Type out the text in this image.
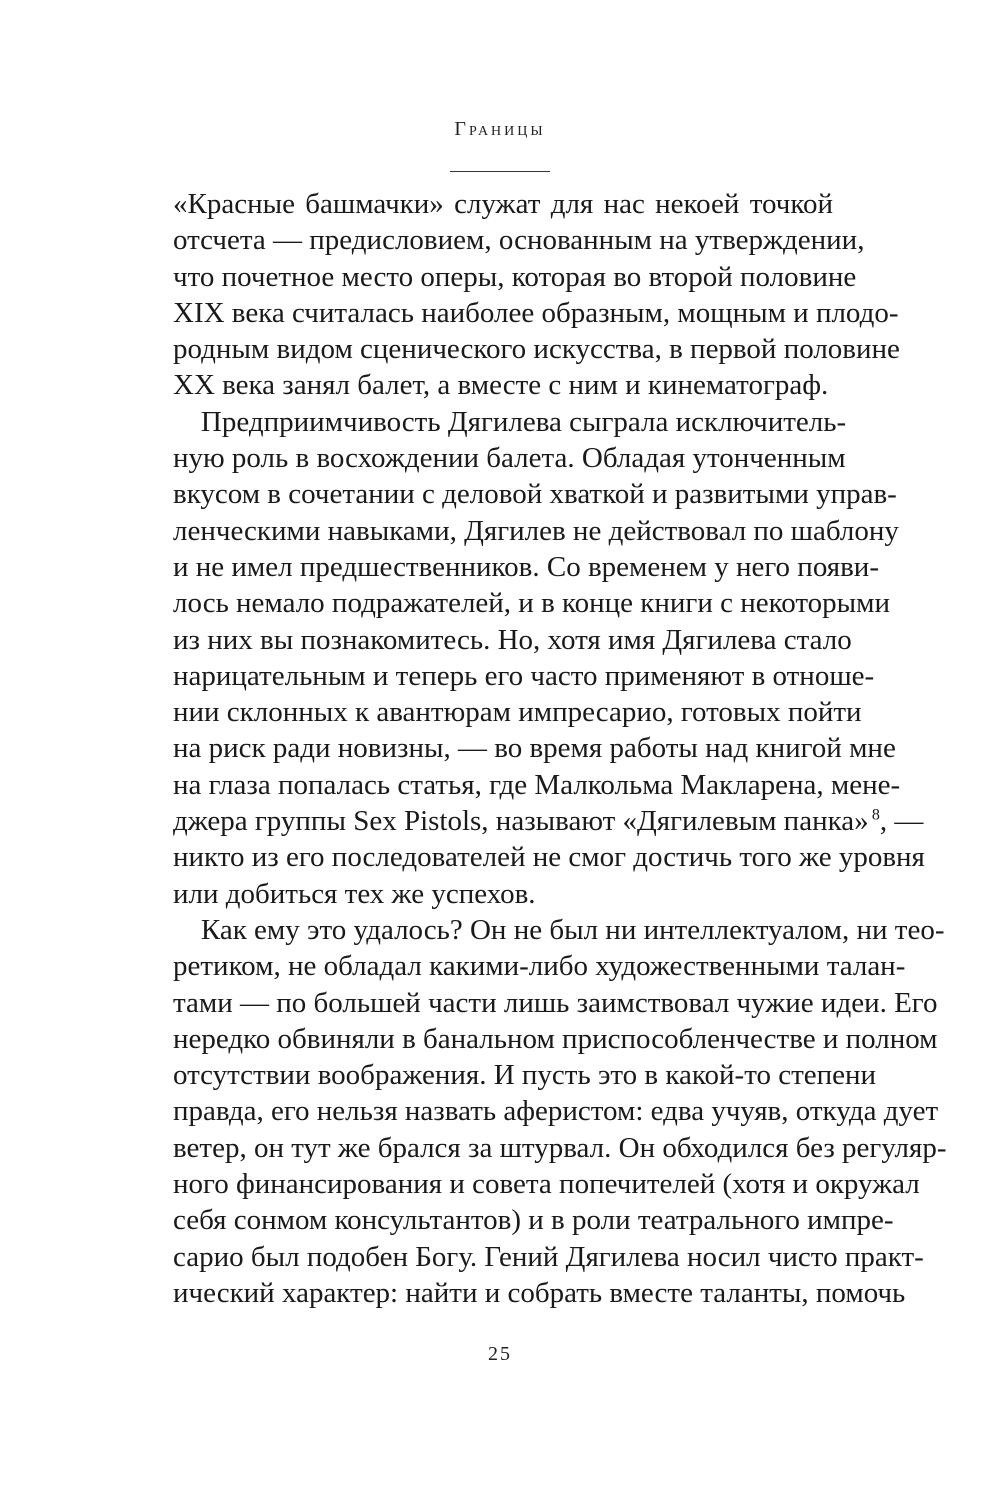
Границы
«Красные башмачки» служат для нас некоей точкой
отсчета — предисловием, основанным на утверждении,
что почетное место оперы, которая во второй половине
XIX века считалась наиболее образным, мощным и плодо-
родным видом сценического искусства, в первой половине
XX века занял балет, а вместе с ним и кинематограф.
Предприимчивость Дягилева сыграла исключитель-
ную роль в восхождении балета. Обладая утонченным
вкусом в сочетании с деловой хваткой и развитыми управ-
ленческими навыками, Дягилев не действовал по шаблону
и не имел предшественников. Со временем у него появи-
лось немало подражателей, и в конце книги с некоторыми
из них вы познакомитесь. Но, хотя имя Дягилева стало
нарицательным и теперь его часто применяют в отноше-
нии склонных к авантюрам импресарио, готовых пойти
на риск ради новизны, — во время работы над книгой мне
на глаза попалась статья, где Малкольма Макларена, мене-
джера группы Sex Pistols, называют «Дягилевым панка» $^8$, —
никто из его последователей не смог достичь того же уровня
или добиться тех же успехов.
Как ему это удалось? Он не был ни интеллектуалом, ни тео-
ретиком, не обладал какими-либо художественными талан-
тами — по большей части лишь заимствовал чужие идеи. Его
нередко обвиняли в банальном приспособленчестве и полном
отсутствии воображения. И пусть это в какой-то степени
правда, его нельзя назвать аферистом: едва учуяв, откуда дует
ветер, он тут же брался за штурвал. Он обходился без регуляр-
ного финансирования и совета попечителей (хотя и окружал
себя сонмом консультантов) и в роли театрального импре-
сарио был подобен Богу. Гений Дягилева носил чисто практ-
ический характер: найти и собрать вместе таланты, помочь
25
